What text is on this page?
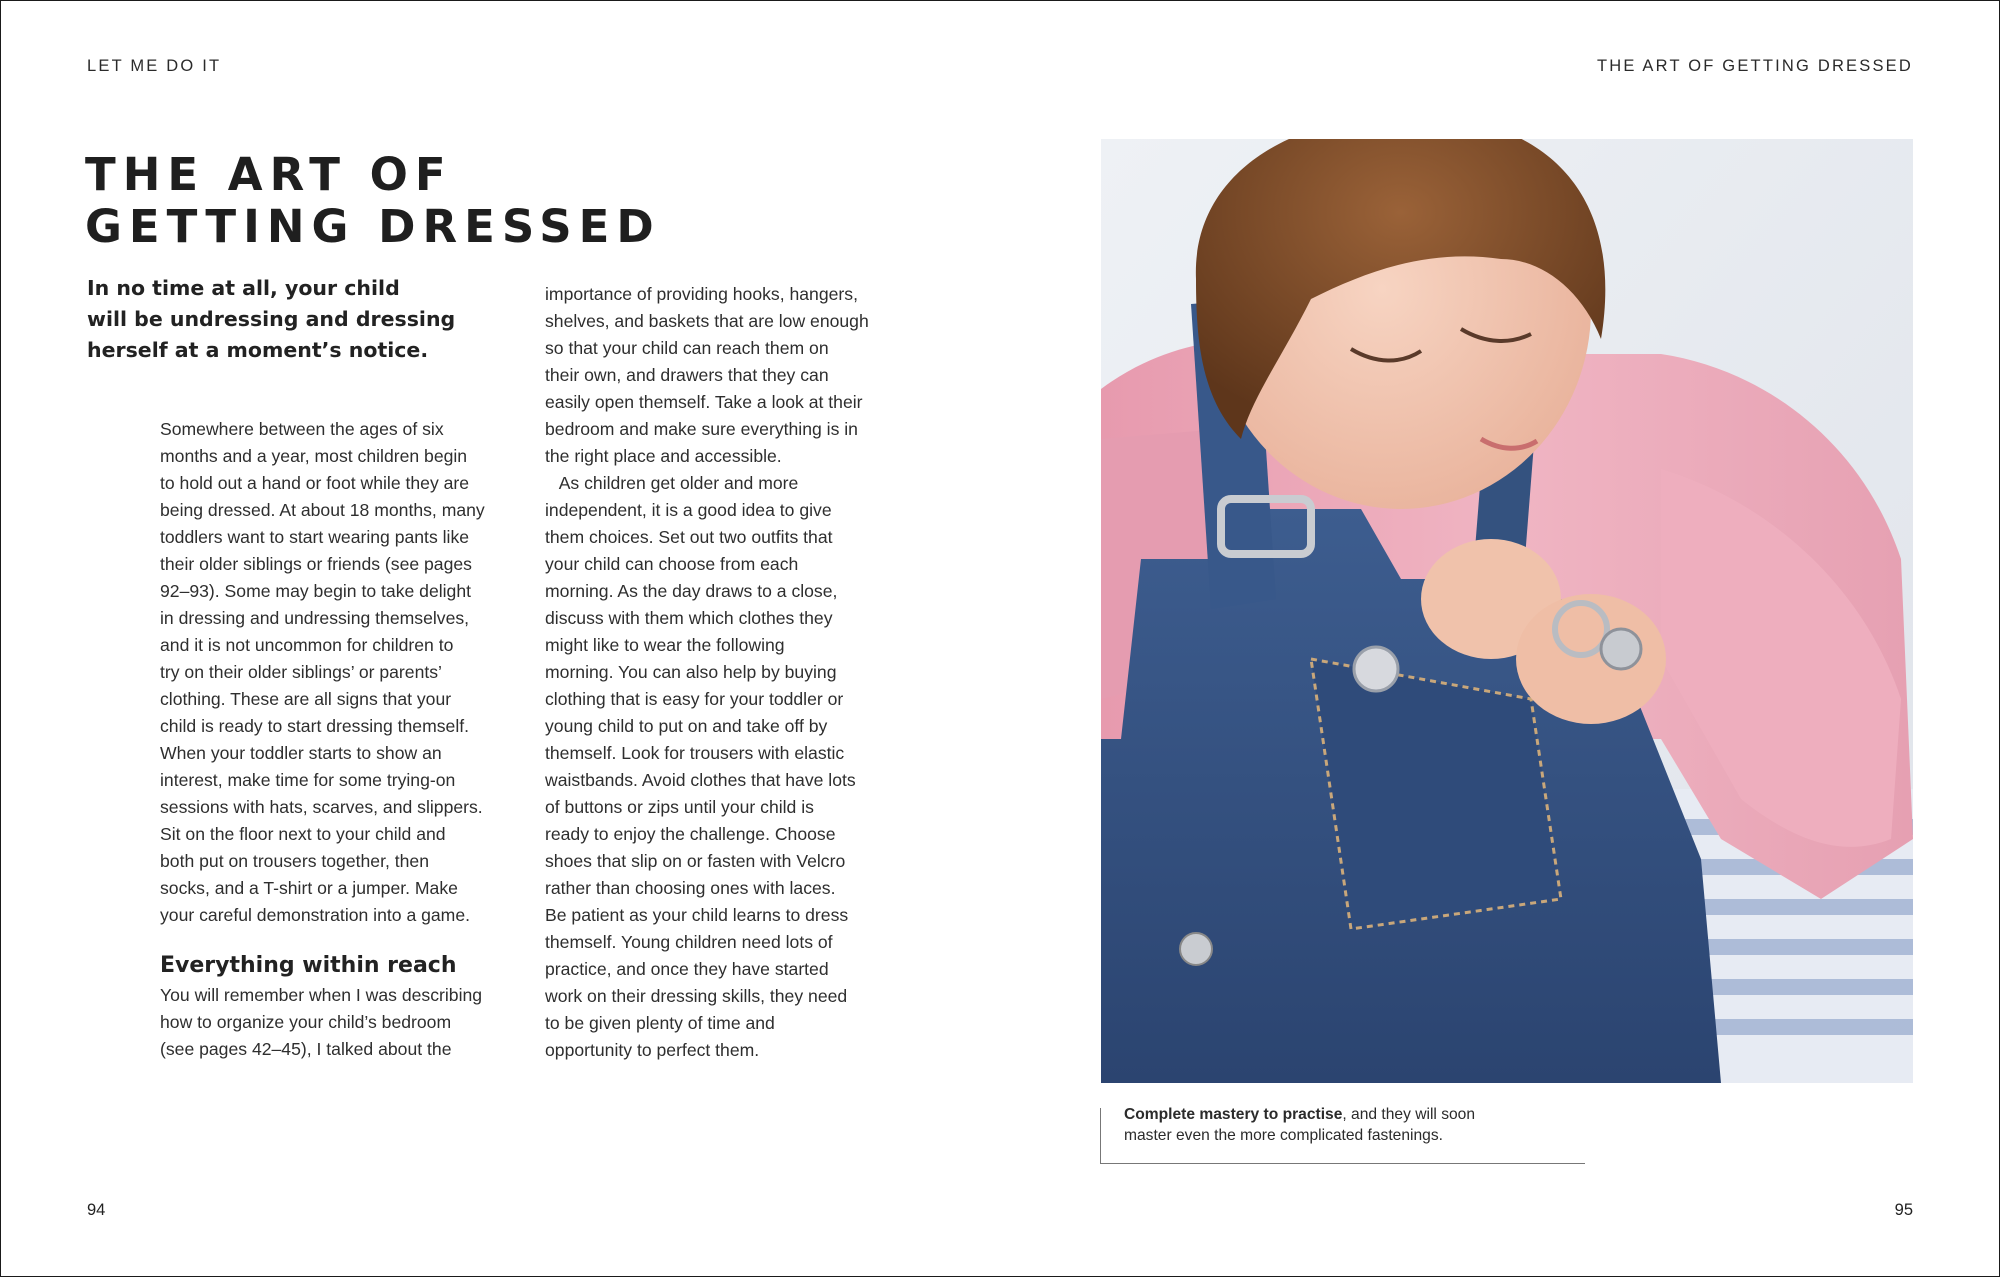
LET ME DO IT	THE ART OF GETTING DRESSED
THE ART OF
GETTING DRESSED

In no time at all, your child
will be undressing and dressing
herself at a moment’s notice.

Somewhere between the ages of six
months and a year, most children begin
to hold out a hand or foot while they are
being dressed. At about 18 months, many
toddlers want to start wearing pants like
their older siblings or friends (see pages
92–93). Some may begin to take delight
in dressing and undressing themselves,
and it is not uncommon for children to
try on their older siblings’ or parents’
clothing. These are all signs that your
child is ready to start dressing themself.
When your toddler starts to show an
interest, make time for some trying-on
sessions with hats, scarves, and slippers.
Sit on the floor next to your child and
both put on trousers together, then
socks, and a T-shirt or a jumper. Make
your careful demonstration into a game.
Everything within reach
You will remember when I was describing
how to organize your child’s bedroom
(see pages 42–45), I talked about the
importance of providing hooks, hangers,
shelves, and baskets that are low enough
so that your child can reach them on
their own, and drawers that they can
easily open themself. Take a look at their
bedroom and make sure everything is in
the right place and accessible.
As children get older and more
independent, it is a good idea to give
them choices. Set out two outfits that
your child can choose from each
morning. As the day draws to a close,
discuss with them which clothes they
might like to wear the following
morning. You can also help by buying
clothing that is easy for your toddler or
young child to put on and take off by
themself. Look for trousers with elastic
waistbands. Avoid clothes that have lots
of buttons or zips until your child is
ready to enjoy the challenge. Choose
shoes that slip on or fasten with Velcro
rather than choosing ones with laces.
Be patient as your child learns to dress
themself. Young children need lots of
practice, and once they have started
work on their dressing skills, they need
to be given plenty of time and
opportunity to perfect them.
Complete mastery to practise, and they will soon
master even the more complicated fastenings.
94	95
